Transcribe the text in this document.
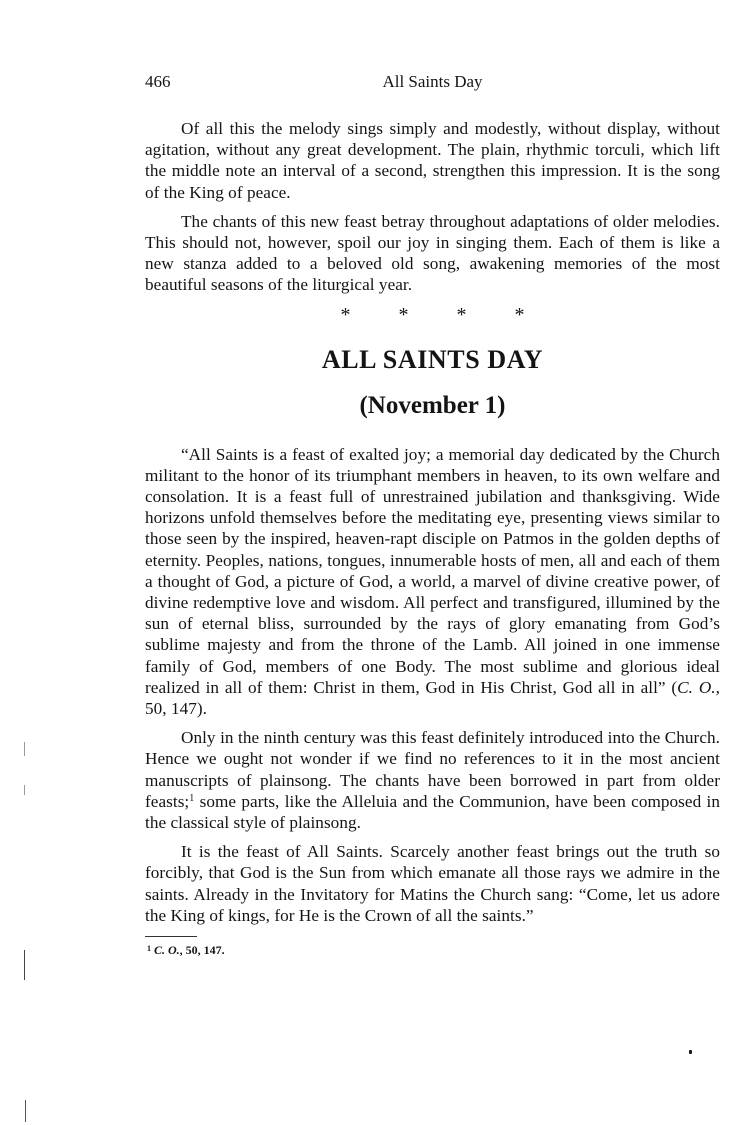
466	All Saints Day

Of all this the melody sings simply and modestly, without display, without agitation, without any great development. The plain, rhythmic torculi, which lift the middle note an interval of a second, strengthen this impression. It is the song of the King of peace.

The chants of this new feast betray throughout adaptations of older melodies. This should not, however, spoil our joy in singing them. Each of them is like a new stanza added to a beloved old song, awakening memories of the most beautiful seasons of the liturgical year.

* * * *
ALL SAINTS DAY
(November 1)

“All Saints is a feast of exalted joy; a memorial day dedicated by the Church militant to the honor of its triumphant members in heaven, to its own welfare and consolation. It is a feast full of unrestrained jubilation and thanksgiving. Wide horizons unfold themselves before the meditating eye, presenting views similar to those seen by the inspired, heaven-rapt disciple on Patmos in the golden depths of eternity. Peoples, nations, tongues, innumerable hosts of men, all and each of them a thought of God, a picture of God, a world, a marvel of divine creative power, of divine redemptive love and wisdom. All perfect and transfigured, illumined by the sun of eternal bliss, surrounded by the rays of glory emanating from God’s sublime majesty and from the throne of the Lamb. All joined in one immense family of God, members of one Body. The most sublime and glorious ideal realized in all of them: Christ in them, God in His Christ, God all in all” (C. O., 50, 147).

Only in the ninth century was this feast definitely introduced into the Church. Hence we ought not wonder if we find no references to it in the most ancient manuscripts of plainsong. The chants have been borrowed in part from older feasts;$^1$ some parts, like the Alleluia and the Communion, have been composed in the classical style of plainsong.

It is the feast of All Saints. Scarcely another feast brings out the truth so forcibly, that God is the Sun from which emanate all those rays we admire in the saints. Already in the Invitatory for Matins the Church sang: “Come, let us adore the King of kings, for He is the Crown of all the saints.”

$^1$ C. O., 50, 147.
